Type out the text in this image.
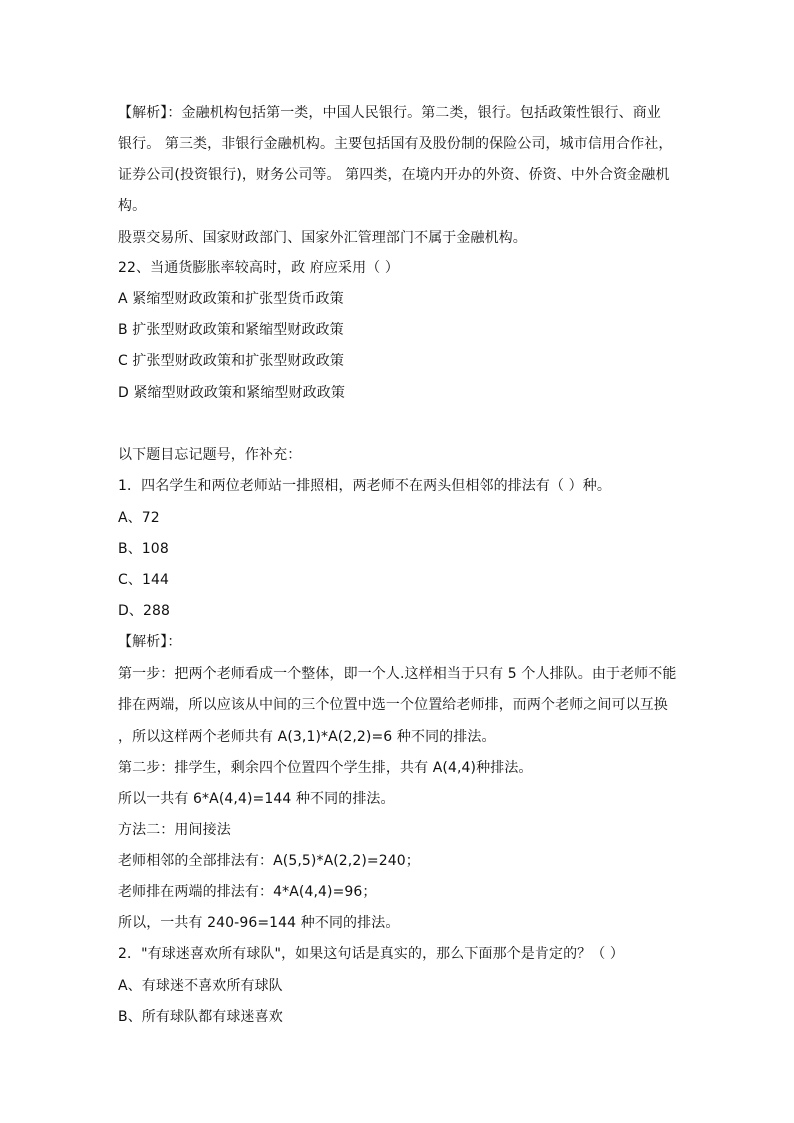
【解析】：金融机构包括第一类，中国人民银行。第二类，银行。包括政策性银行、商业
银行。 第三类，非银行金融机构。主要包括国有及股份制的保险公司，城市信用合作社，
证券公司(投资银行)，财务公司等。 第四类，在境内开办的外资、侨资、中外合资金融机
构。
股票交易所、国家财政部门、国家外汇管理部门不属于金融机构。
22、当通货膨胀率较高时，政 府应采用（ ）
A 紧缩型财政政策和扩张型货币政策
B 扩张型财政政策和紧缩型财政政策
C 扩张型财政政策和扩张型财政政策
D 紧缩型财政政策和紧缩型财政政策
以下题目忘记题号，作补充：
1．四名学生和两位老师站一排照相，两老师不在两头但相邻的排法有（ ）种。
A、72
B、108
C、144
D、288
【解析】：
第一步：把两个老师看成一个整体，即一个人.这样相当于只有 5 个人排队。由于老师不能
排在两端，所以应该从中间的三个位置中选一个位置给老师排，而两个老师之间可以互换
，所以这样两个老师共有 A(3,1)*A(2,2)=6 种不同的排法。
第二步：排学生，剩余四个位置四个学生排，共有 A(4,4)种排法。
所以一共有 6*A(4,4)=144 种不同的排法。
方法二：用间接法
老师相邻的全部排法有：A(5,5)*A(2,2)=240；
老师排在两端的排法有：4*A(4,4)=96；
所以，一共有 240-96=144 种不同的排法。
2．"有球迷喜欢所有球队"，如果这句话是真实的，那么下面那个是肯定的？（ ）
A、有球迷不喜欢所有球队
B、所有球队都有球迷喜欢
